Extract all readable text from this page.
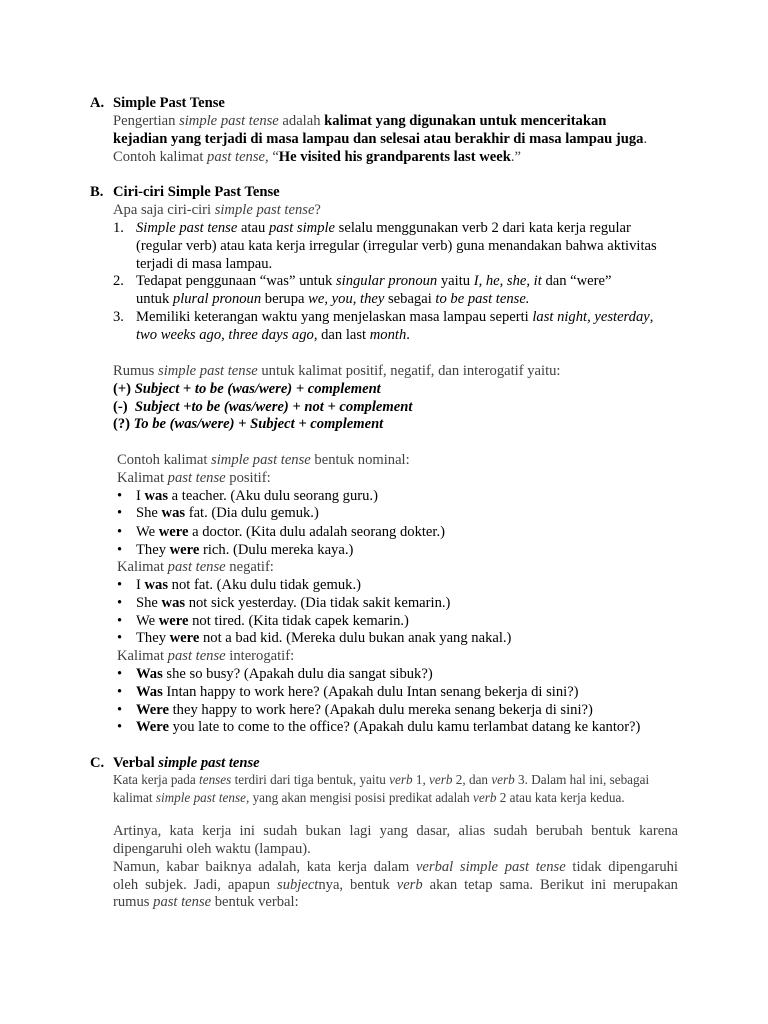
A. Simple Past Tense
Pengertian simple past tense adalah kalimat yang digunakan untuk menceritakan
kejadian yang terjadi di masa lampau dan selesai atau berakhir di masa lampau juga.
Contoh kalimat past tense, “He visited his grandparents last week.”
B. Ciri-ciri Simple Past Tense
Apa saja ciri-ciri simple past tense?
1. Simple past tense atau past simple selalu menggunakan verb 2 dari kata kerja regular
(regular verb) atau kata kerja irregular (irregular verb) guna menandakan bahwa aktivitas
terjadi di masa lampau.
2. Tedapat penggunaan “was” untuk singular pronoun yaitu I, he, she, it dan “were”
untuk plural pronoun berupa we, you, they sebagai to be past tense.
3. Memiliki keterangan waktu yang menjelaskan masa lampau seperti last night, yesterday,
two weeks ago, three days ago, dan last month.
Rumus simple past tense untuk kalimat positif, negatif, dan interogatif yaitu:
(+) Subject + to be (was/were) + complement
(-)  Subject +to be (was/were) + not + complement
(?) To be (was/were) + Subject + complement
Contoh kalimat simple past tense bentuk nominal:
Kalimat past tense positif:
• I was a teacher. (Aku dulu seorang guru.)
• She was fat. (Dia dulu gemuk.)
• We were a doctor. (Kita dulu adalah seorang dokter.)
• They were rich. (Dulu mereka kaya.)
Kalimat past tense negatif:
• I was not fat. (Aku dulu tidak gemuk.)
• She was not sick yesterday. (Dia tidak sakit kemarin.)
• We were not tired. (Kita tidak capek kemarin.)
• They were not a bad kid. (Mereka dulu bukan anak yang nakal.)
Kalimat past tense interogatif:
• Was she so busy? (Apakah dulu dia sangat sibuk?)
• Was Intan happy to work here? (Apakah dulu Intan senang bekerja di sini?)
• Were they happy to work here? (Apakah dulu mereka senang bekerja di sini?)
• Were you late to come to the office? (Apakah dulu kamu terlambat datang ke kantor?)
C. Verbal simple past tense
Kata kerja pada tenses terdiri dari tiga bentuk, yaitu verb 1, verb 2, dan verb 3. Dalam hal ini, sebagai
kalimat simple past tense, yang akan mengisi posisi predikat adalah verb 2 atau kata kerja kedua.
Artinya, kata kerja ini sudah bukan lagi yang dasar, alias sudah berubah bentuk karena
dipengaruhi oleh waktu (lampau).
Namun, kabar baiknya adalah, kata kerja dalam verbal simple past tense tidak dipengaruhi
oleh subjek. Jadi, apapun subjectnya, bentuk verb akan tetap sama. Berikut ini merupakan
rumus past tense bentuk verbal:
